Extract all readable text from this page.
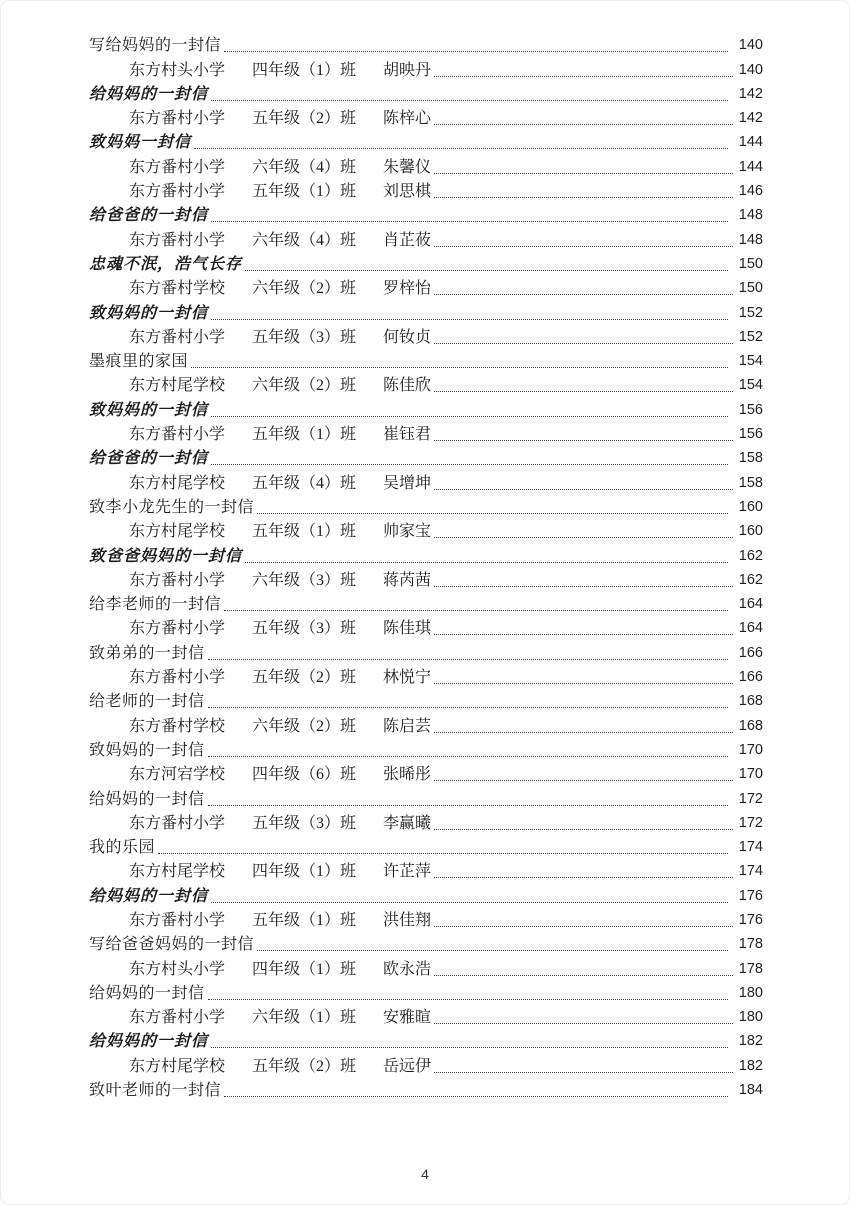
写给妈妈的一封信	140
东方村头小学 四年级（1）班 胡映丹	140
给妈妈的一封信	142
东方番村小学 五年级（2）班 陈梓心	142
致妈妈一封信	144
东方番村小学 六年级（4）班 朱馨仪	144
东方番村小学 五年级（1）班 刘思棋	146
给爸爸的一封信	148
东方番村小学 六年级（4）班 肖芷莜	148
忠魂不泯，浩气长存	150
东方番村学校 六年级（2）班 罗梓怡	150
致妈妈的一封信	152
东方番村小学 五年级（3）班 何钕贞	152
墨痕里的家国	154
东方村尾学校 六年级（2）班 陈佳欣	154
致妈妈的一封信	156
东方番村小学 五年级（1）班 崔钰君	156
给爸爸的一封信	158
东方村尾学校 五年级（4）班 吴增坤	158
致李小龙先生的一封信	160
东方村尾学校 五年级（1）班 帅家宝	160
致爸爸妈妈的一封信	162
东方番村小学 六年级（3）班 蒋芮茜	162
给李老师的一封信	164
东方番村小学 五年级（3）班 陈佳琪	164
致弟弟的一封信	166
东方番村小学 五年级（2）班 林悦宁	166
给老师的一封信	168
东方番村学校 六年级（2）班 陈启芸	168
致妈妈的一封信	170
东方河宕学校 四年级（6）班 张晞彤	170
给妈妈的一封信	172
东方番村小学 五年级（3）班 李赢曦	172
我的乐园	174
东方村尾学校 四年级（1）班 许芷萍	174
给妈妈的一封信	176
东方番村小学 五年级（1）班 洪佳翔	176
写给爸爸妈妈的一封信	178
东方村头小学 四年级（1）班 欧永浩	178
给妈妈的一封信	180
东方番村小学 六年级（1）班 安雅暄	180
给妈妈的一封信	182
东方村尾学校 五年级（2）班 岳远伊	182
致叶老师的一封信	184
4
